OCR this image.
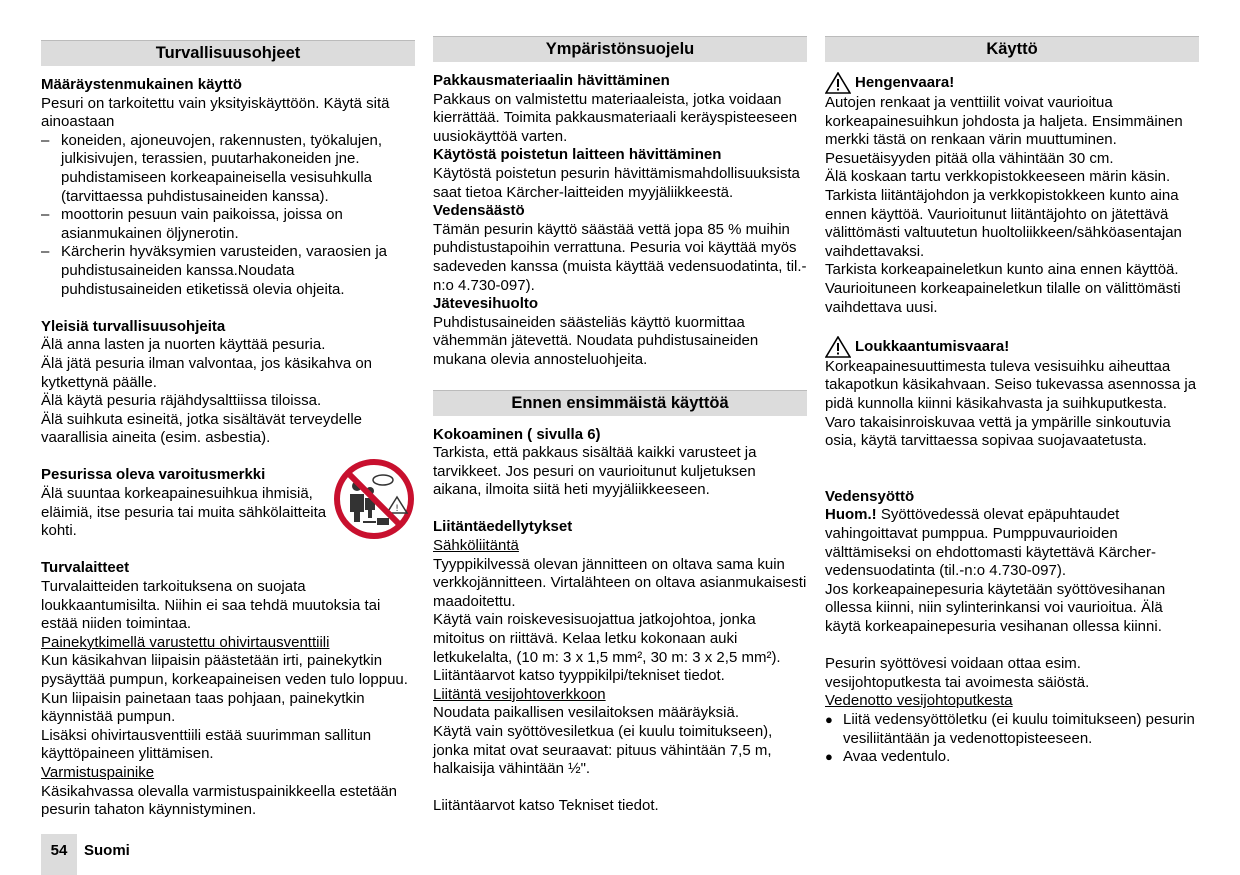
Turvallisuusohjeet

Määräystenmukainen käyttö

Pesuri on tarkoitettu vain yksityiskäyttöön. Käytä sitä ainoastaan

– koneiden, ajoneuvojen, rakennusten, työkalujen, julkisivujen, terassien, puutarhakoneiden jne. puhdistamiseen korkeapaineisella vesisuhkulla (tarvittaessa puhdistusaineiden kanssa).
– moottorin pesuun vain paikoissa, joissa on asianmukainen öljynerotin.
– Kärcherin hyväksymien varusteiden, varaosien ja puhdistusaineiden kanssa.Noudata puhdistusaineiden etiketissä olevia ohjeita.

Yleisiä turvallisuusohjeita

Älä anna lasten ja nuorten käyttää pesuria.

Älä jätä pesuria ilman valvontaa, jos käsikahva on kytkettynä päälle.

Älä käytä pesuria räjähdysalttiissa tiloissa.

Älä suihkuta esineitä, jotka sisältävät terveydelle vaarallisia aineita (esim. asbestia).

Pesurissa oleva varoitusmerkki

Älä suuntaa korkeapainesuihkua ihmisiä, eläimiä, itse pesuria tai muita sähkölaitteita kohti.

!

Turvalaitteet

Turvalaitteiden tarkoituksena on suojata loukkaantumisilta. Niihin ei saa tehdä muutoksia tai estää niiden toimintaa.

Painekytkimellä varustettu ohivirtausventtiili

Kun käsikahvan liipaisin päästetään irti, painekytkin pysäyttää pumpun, korkeapaineisen veden tulo loppuu. Kun liipaisin painetaan taas pohjaan, painekytkin käynnistää pumpun.

Lisäksi ohivirtausventtiili estää suurimman sallitun käyttöpaineen ylittämisen.

Varmistuspainike

Käsikahvassa olevalla varmistuspainikkeella estetään pesurin tahaton käynnistyminen.

Ympäristönsuojelu

Pakkausmateriaalin hävittäminen

Pakkaus on valmistettu materiaaleista, jotka voidaan kierrättää. Toimita pakkausmateriaali keräyspisteeseen uusiokäyttöä varten.

Käytöstä poistetun laitteen hävittäminen

Käytöstä poistetun pesurin hävittämismahdollisuuksista saat tietoa Kärcher-laitteiden myyjäliikkeestä.

Vedensäästö

Tämän pesurin käyttö säästää vettä jopa 85 % muihin puhdistustapoihin verrattuna. Pesuria voi käyttää myös sadeveden kanssa (muista käyttää vedensuodatinta, til.-n:o 4.730-097).

Jätevesihuolto

Puhdistusaineiden säästeliäs käyttö kuormittaa vähemmän jätevettä. Noudata puhdistusaineiden mukana olevia annosteluohjeita.

Ennen ensimmäistä käyttöä

Kokoaminen ( sivulla 6)

Tarkista, että pakkaus sisältää kaikki varusteet ja tarvikkeet. Jos pesuri on vaurioitunut kuljetuksen aikana, ilmoita siitä heti myyjäliikkeeseen.

Liitäntäedellytykset

Sähköliitäntä

Tyyppikilvessä olevan jännitteen on oltava sama kuin verkkojännitteen. Virtalähteen on oltava asianmukaisesti maadoitettu.

Käytä vain roiskevesisuojattua jatkojohtoa, jonka mitoitus on riittävä. Kelaa letku kokonaan auki letkukelalta, (10 m: 3 x 1,5 mm², 30 m: 3 x 2,5 mm²).

Liitäntäarvot katso tyyppikilpi/tekniset tiedot.

Liitäntä vesijohtoverkkoon

Noudata paikallisen vesilaitoksen määräyksiä.

Käytä vain syöttövesiletkua (ei kuulu toimitukseen), jonka mitat ovat seuraavat: pituus vähintään 7,5 m, halkaisija vähintään ½".

Liitäntäarvot katso Tekniset tiedot.

Käyttö
Hengenvaara!

Autojen renkaat ja venttiilit voivat vaurioitua korkeapainesuihkun johdosta ja haljeta. Ensimmäinen merkki tästä on renkaan värin muuttuminen. Pesuetäisyyden pitää olla vähintään 30 cm.

Älä koskaan tartu verkkopistokkeeseen märin käsin.

Tarkista liitäntäjohdon ja verkkopistokkeen kunto aina ennen käyttöä. Vaurioitunut liitäntäjohto on jätettävä välittömästi valtuutetun huoltoliikkeen/sähköasentajan vaihdettavaksi.

Tarkista korkeapaineletkun kunto aina ennen käyttöä. Vaurioituneen korkeapaineletkun tilalle on välittömästi vaihdettava uusi.

Loukkaantumisvaara!

Korkeapainesuuttimesta tuleva vesisuihku aiheuttaa takapotkun käsikahvaan. Seiso tukevassa asennossa ja pidä kunnolla kiinni käsikahvasta ja suihkuputkesta.

Varo takaisinroiskuvaa vettä ja ympärille sinkoutuvia osia, käytä tarvittaessa sopivaa suojavaatetusta.

Vedensyöttö

Huom.! Syöttövedessä olevat epäpuhtaudet vahingoittavat pumppua. Pumppuvaurioiden välttämiseksi on ehdottomasti käytettävä Kärcher-vedensuodatinta (til.-n:o 4.730-097).

Jos korkeapainepesuria käytetään syöttövesihanan ollessa kiinni, niin sylinterinkansi voi vaurioitua. Älä käytä korkeapainepesuria vesihanan ollessa kiinni.

Pesurin syöttövesi voidaan ottaa esim. vesijohtoputkesta tai avoimesta säiöstä.

Vedenotto vesijohtoputkesta

● Liitä vedensyöttöletku (ei kuulu toimitukseen) pesurin vesiliitäntään ja vedenottopisteeseen.
● Avaa vedentulo.
54	Suomi
